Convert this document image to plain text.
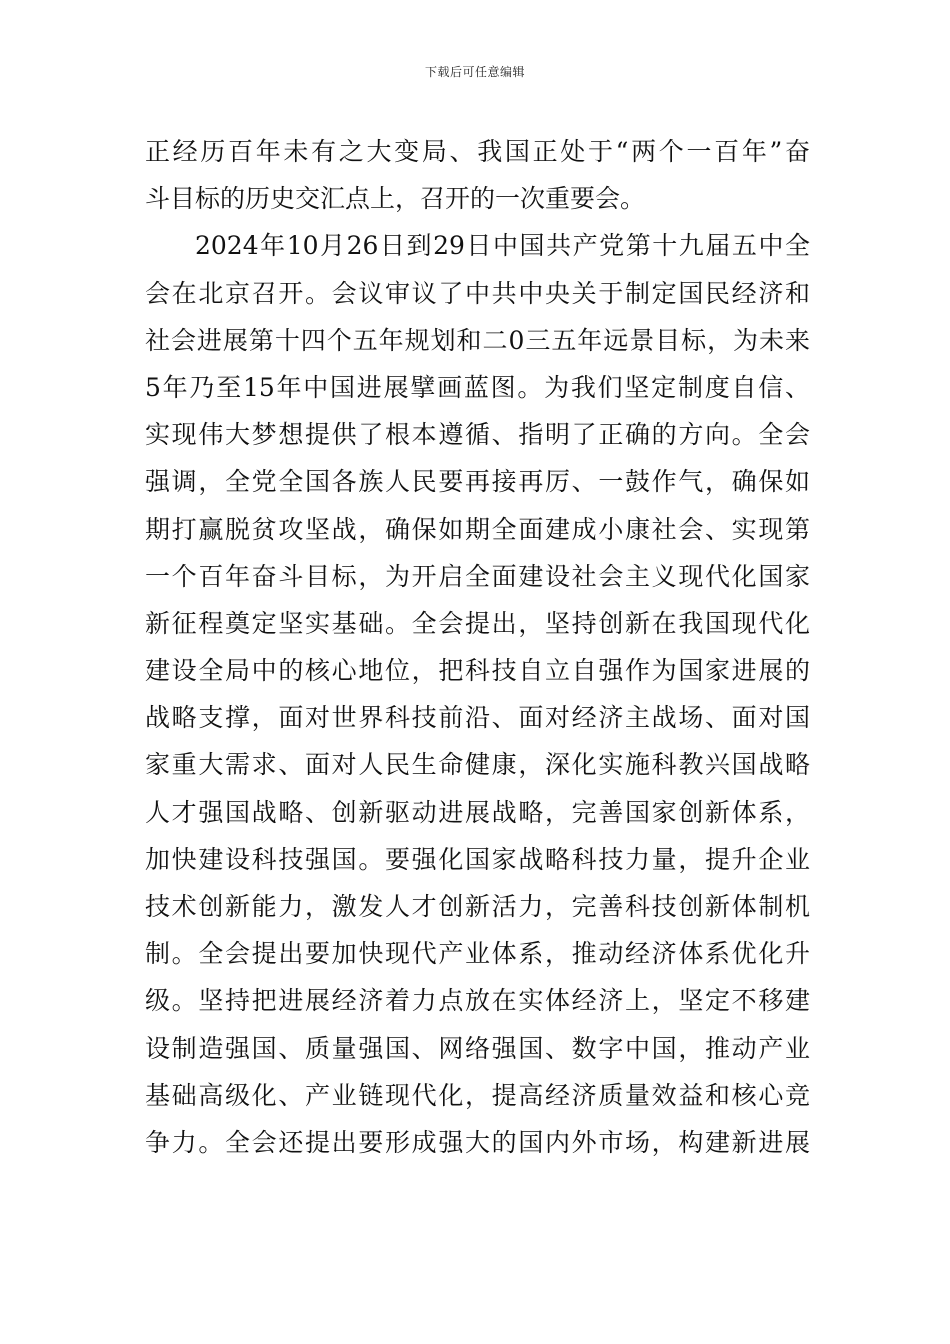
下载后可任意编辑
正经历百年未有之大变局、我国正处于“两个一百年”奋
斗目标的历史交汇点上，召开的一次重要会。
2024年10月26日到29日中国共产党第十九届五中全
会在北京召开。会议审议了中共中央关于制定国民经济和
社会进展第十四个五年规划和二0三五年远景目标，为未来
5年乃至15年中国进展擘画蓝图。为我们坚定制度自信、
实现伟大梦想提供了根本遵循、指明了正确的方向。全会
强调，全党全国各族人民要再接再厉、一鼓作气，确保如
期打赢脱贫攻坚战，确保如期全面建成小康社会、实现第
一个百年奋斗目标，为开启全面建设社会主义现代化国家
新征程奠定坚实基础。全会提出，坚持创新在我国现代化
建设全局中的核心地位，把科技自立自强作为国家进展的
战略支撑，面对世界科技前沿、面对经济主战场、面对国
家重大需求、面对人民生命健康，深化实施科教兴国战略
人才强国战略、创新驱动进展战略，完善国家创新体系，
加快建设科技强国。要强化国家战略科技力量，提升企业
技术创新能力，激发人才创新活力，完善科技创新体制机
制。全会提出要加快现代产业体系，推动经济体系优化升
级。坚持把进展经济着力点放在实体经济上，坚定不移建
设制造强国、质量强国、网络强国、数字中国，推动产业
基础高级化、产业链现代化，提高经济质量效益和核心竞
争力。全会还提出要形成强大的国内外市场，构建新进展
